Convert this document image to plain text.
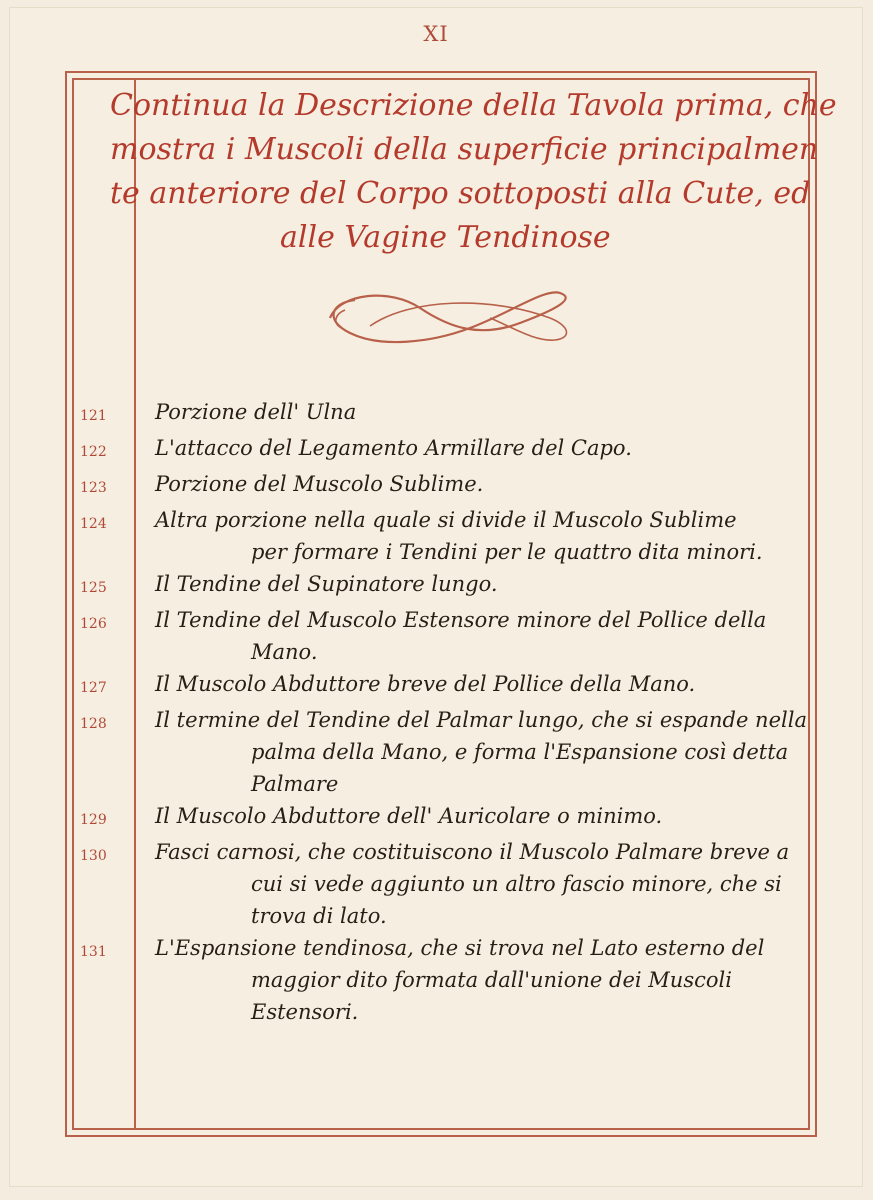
XI
Continua la Descrizione della Tavola prima, che
mostra i Muscoli della superficie principalmen
te anteriore del Corpo sottoposti alla Cute, ed
alle Vagine Tendinose
121	Porzione dell' Ulna
122	L'attacco del Legamento Armillare del Capo.
123	Porzione del Muscolo Sublime.
124	Altra porzione nella quale si divide il Muscolo Sublime
per formare i Tendini per le quattro dita minori.
125	Il Tendine del Supinatore lungo.
126	Il Tendine del Muscolo Estensore minore del Pollice della
Mano.
127	Il Muscolo Abduttore breve del Pollice della Mano.
128	Il termine del Tendine del Palmar lungo, che si espande nella
palma della Mano, e forma l'Espansione così detta
Palmare
129	Il Muscolo Abduttore dell' Auricolare o minimo.
130	Fasci carnosi, che costituiscono il Muscolo Palmare breve a
cui si vede aggiunto un altro fascio minore, che si
trova di lato.
131	L'Espansione tendinosa, che si trova nel Lato esterno del
maggior dito formata dall'unione dei Muscoli
Estensori.
